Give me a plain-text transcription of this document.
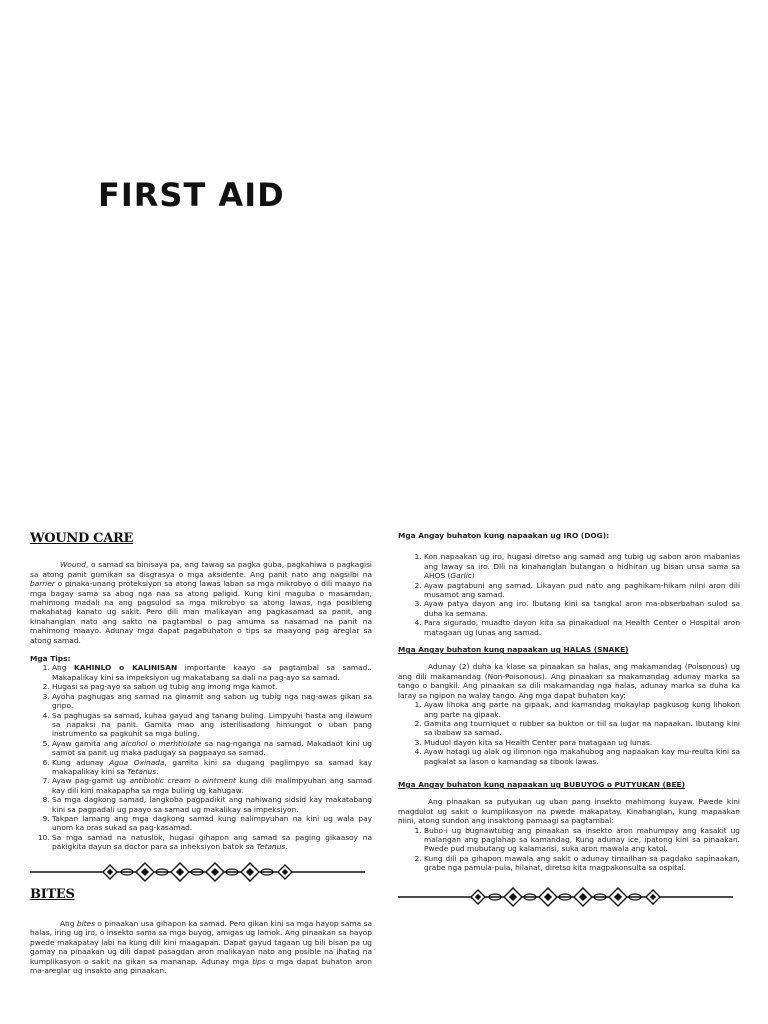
FIRST AID
WOUND CARE

Wound, o samad sa binisaya pa, ang tawag sa pagka guba, pagkahiwa o pagkagisi sa atong panit gumikan sa disgrasya o mga aksidente. Ang panit nato ang nagsilbi na barrier o pinaka-unang proteksiyon sa atong lawas laban sa mga mikrobyo o dili maayo na mga bagay sama sa abog nga naa sa atong paligid. Kung kini maguba o masamdan, mahimong madali na ang pagsulod sa mga mikrobyo sa atong lawas, nga posibleng makahatag kanato ug sakit. Pero dili man malikayan ang pagkasamad sa panit, ang kinahanglan nato ang sakto na pagtambal o pag amuma sa nasamad na panit na mahimong maayo. Adunay mga dapat pagabuhaton o tips sa maayong pag areglar sa atong samad.

Mga Tips:
1. Ang KAHINLO o KALINISAN importante kaayo sa pagtambal sa samad.. Makapalikay kini sa impeksiyon ug makatabang sa dali na pag-ayo sa samad.
2. Hugasi sa pag-ayo sa sabon ug tubig ang imong mga kamot.
3. Ayoha paghugas ang samad na ginamit ang sabon ug tubig nga nag-awas gikan sa gripo.
4. Sa paghugas sa samad, kuhaa gayud ang tanang buling. Limpyuhi hasta ang ilawum sa napaksi na panit. Gamita mao ang isterilisadong himungot o uban pang instrumento sa pagkuhit sa mga buling.
5. Ayaw gamita ang alcohol o merhtiolate sa nag-nganga na samad. Makadaot kini ug samot sa panit ug maka padugay sa pagpaayo sa samad.
6. Kung adunay Agua Oxinada, gamita kini sa dugang paglimpyo sa samad kay makapalikay kini sa Tetanus.
7. Ayaw pag-gamit ug antibiotic cream o ointment kung dili malimpyuhan ang samad kay dili kini makapapha sa mga buling ug kahugaw.
8. Sa mga dagkong samad, langkoba pagpadikit ang nahiwang sidsid kay makatabang kini sa pagpadali ug paayo sa samad ug makalikay sa impeksiyon.
9. Takpan lamang ang mga dagkong samad kung nalimpyuhan na kini ug wala pay unom ka oras sukad sa pag-kasamad.
10. Sa mga samad na natuslok, hugasi gihapon ang samad sa paging gikaasoy na pakigkita dayun sa doctor para sa inheksiyon batok sa Tetanus.
BITES

Ang bites o pinaakan usa gihapon ka samad. Pero gikan kini sa mga hayop sama sa halas, iring ug iro, o insekto sama sa mga buyog, amigas ug lamok. Ang pinaakan sa hayop pwede makapatay labi na kung dili kini maagapan. Dapat gayud tagaan ug bili bisan pa ug gamay na pinaakan ug dili dapat pasagdan aron malikayan nato ang posible na ihatag na kumplikasyon o sakit na gikan sa mananap. Adunay mga tips o mga dapat buhaton aron ma-areglar ug insakto ang pinaakan.

Mga Angay buhaton kung napaakan ug IRO (DOG):
1. Kon napaakan ug iro, hugasi diretso ang samad ang tubig ug sabon aron mabanlas ang laway sa iro. DIli na kinahanglan butangan o hidhiran ug bisan unsa sama sa AHOS (Garlic)
2. Ayaw pagtabuni ang samad. Likayan pud nato ang paghikam-hikam niini aron dili musamot ang samad.
3. Ayaw patya dayon ang iro. Ibutang kini sa tangkal aron ma-obserbahan sulod sa duha ka semana.
4. Para sigurado, muadto dayon kita sa pinakaduol na Health Center o Hospital aron matagaan ug lunas ang samad.
Mga Angay buhaton kung napaakan ug HALAS (SNAKE)

Adunay (2) duha ka klase sa pinaakan sa halas, ang makamandag (Poisonous) ug ang dili makamandag (Non-Poisonous). Ang pinaakan sa makamandag adunay marka sa tango o bangkil. Ang pinaakan sa dili makamandag nga halas, adunay marka sa duha ka laray sa ngipon na walay tango. Ang mga dapat buhaton kay:

1. Ayaw lihoka ang parte na gipaak, and kamandag mokaylap pagkusog kung lihokon ang parte na gipaak.
2. Gamita ang tourniquet o rubber sa bukton or tiil sa lugar na napaakan. Ibutang kini sa ibabaw sa samad.
3. Muduol dayon kita sa Health Center para matagaan ug lunas.
4. Ayaw hatagi ug alak og ilimnon nga makahubog ang napaakan kay mu-reulta kini sa pagkalat sa lason o kamandag sa tibook lawas.
Mga Angay buhaton kung napaakan ug BUBUYOG o PUTYUKAN (BEE)

Ang pinaakan sa putyukan ug uban pang insekto mahimong kuyaw. Pwede kini magdulot ug sakit o kumplikasyon na pwede makapatay. Kinahanglan, kung mapaakan niini, atong sundon ang insaktong pamaagi sa pagtambal:

1. Bubo-i ug bugnawtubig ang pinaakan sa insekto aron mahumpay ang kasakit ug malangan ang paglahap sa kamandag, Kung adunay ice, ipatong kini sa pinaakan. Pwede pud mubutang ug kalamansi, suka aron mawala ang katol.
2. Kung dili pa gihapon mawala ang sakit o adunay timailhan sa pagdako sapinaakan, grabe nga pamula-pula, hilanat, diretso kita magpakonsulta sa ospital.
